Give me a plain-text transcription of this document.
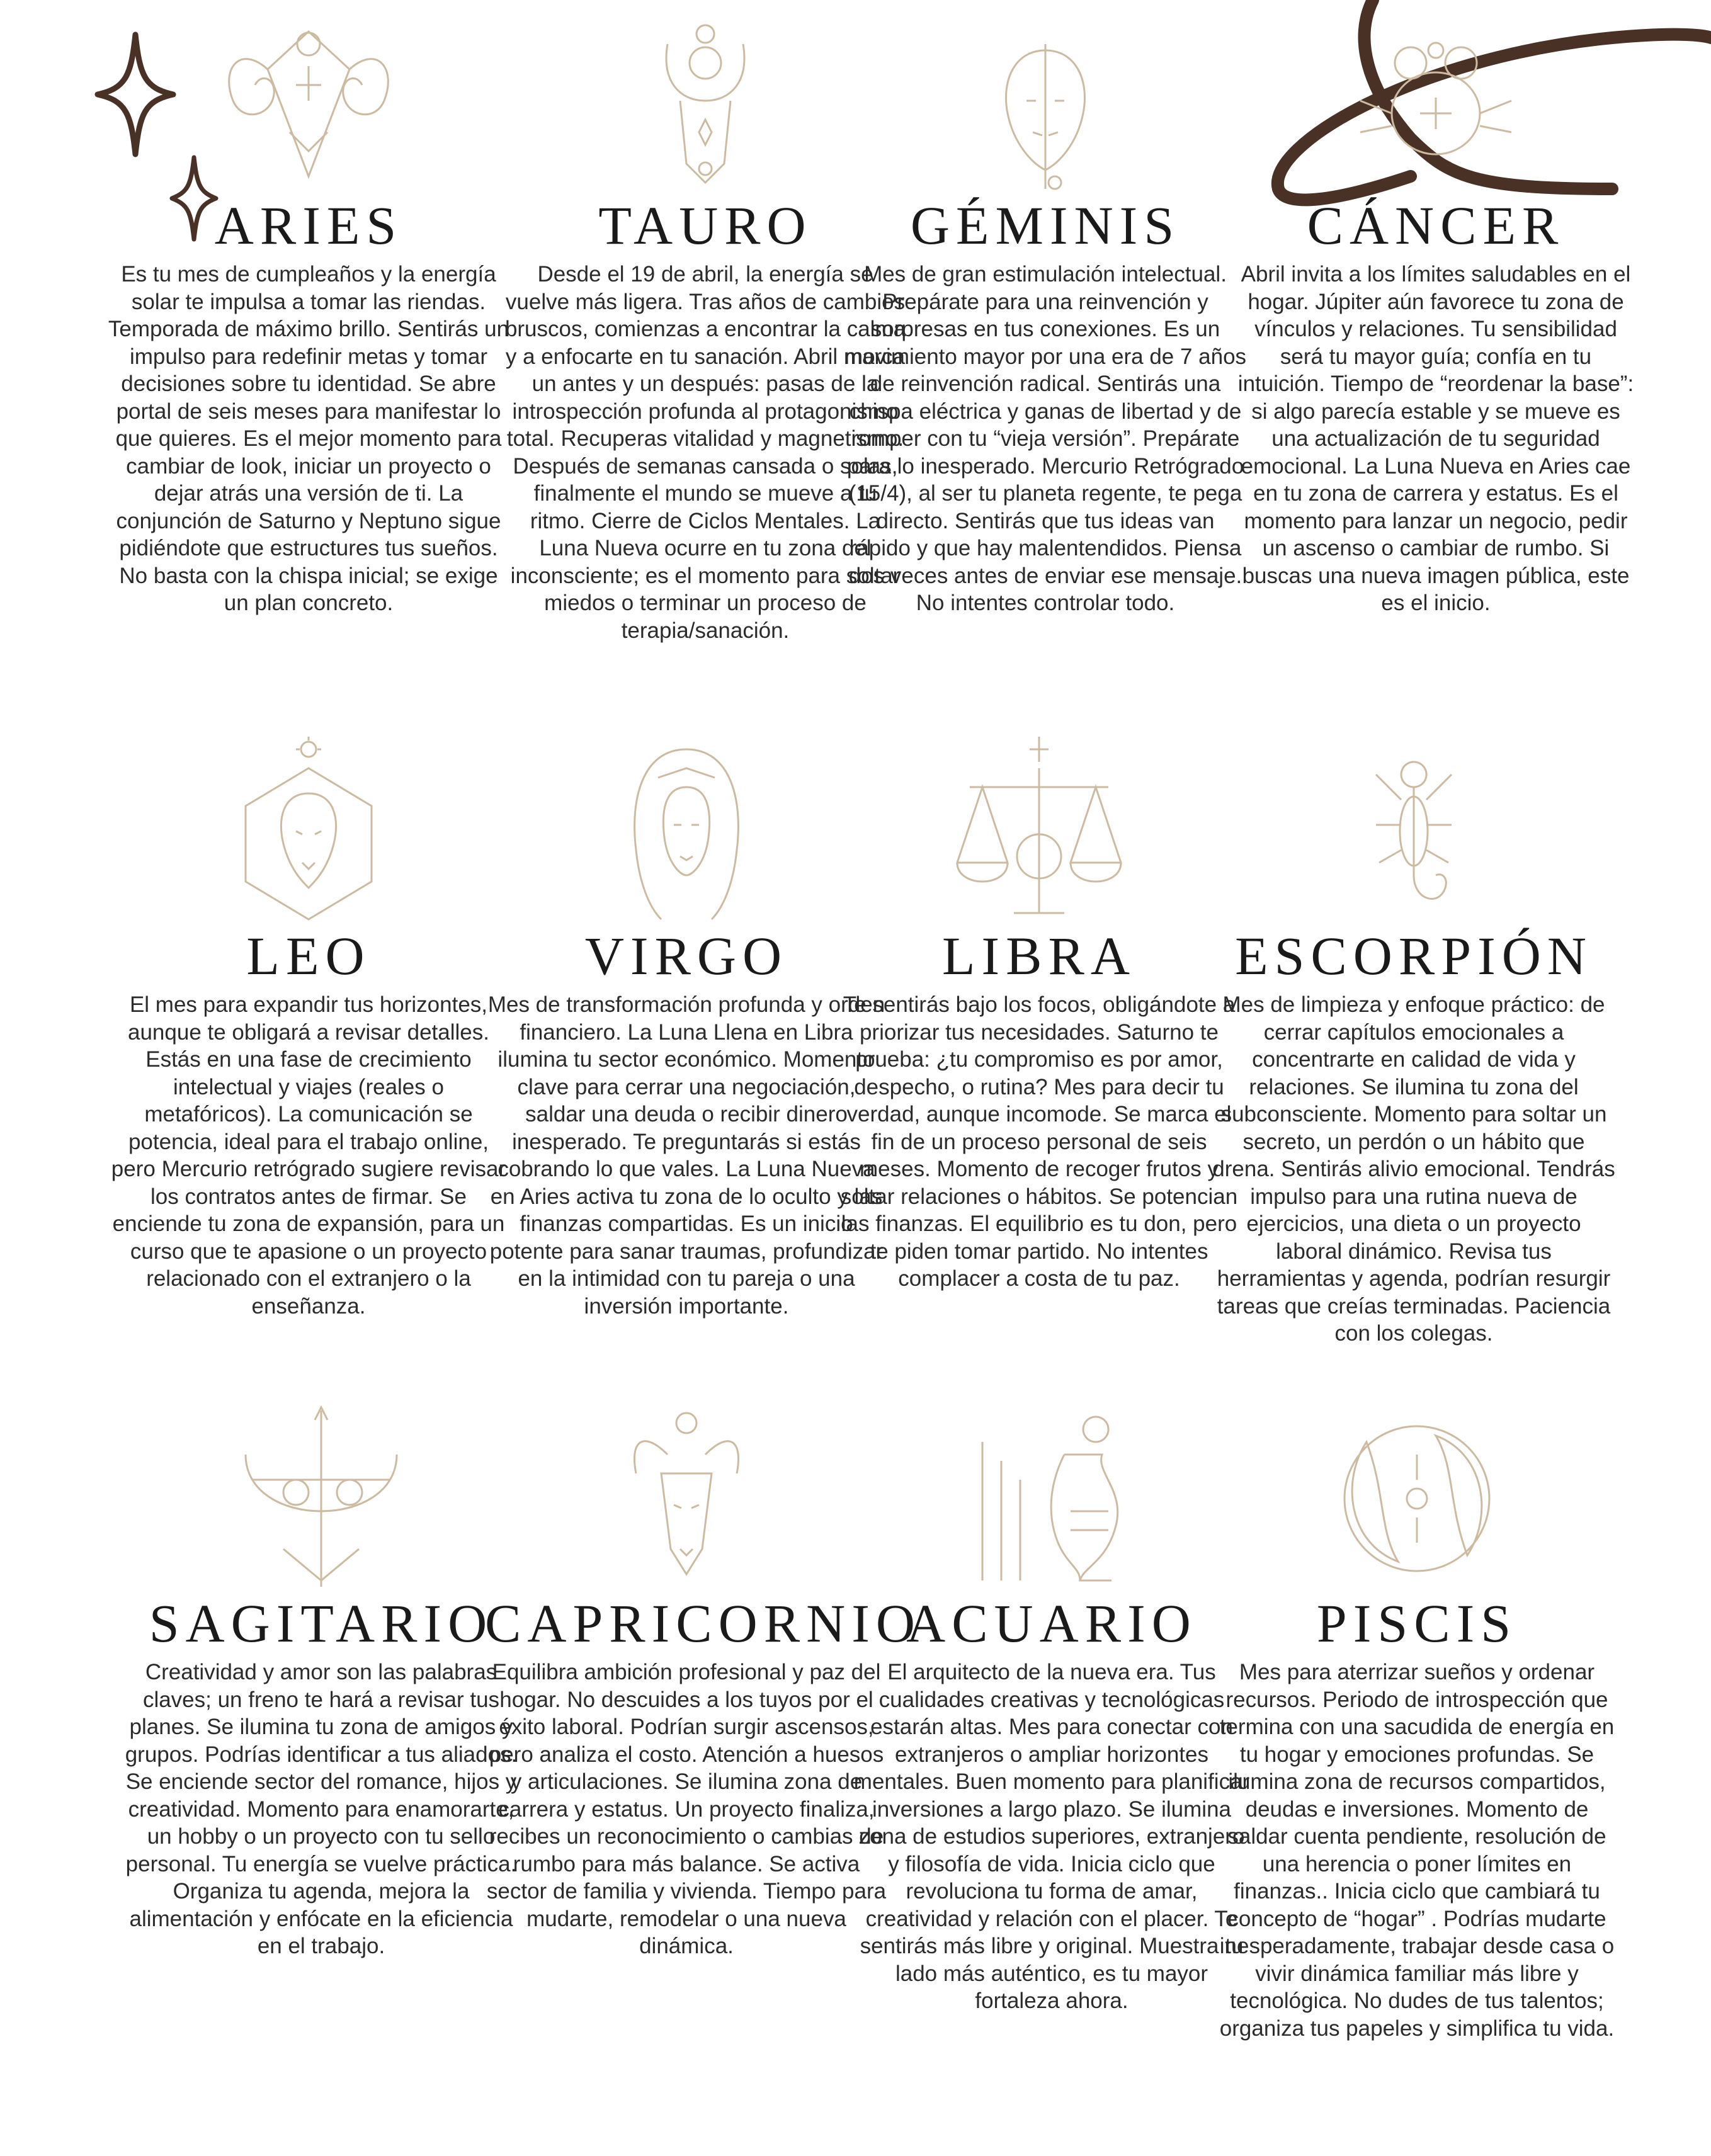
ARIES

Es tu mes de cumpleaños y la energía solar te impulsa a tomar las riendas. Temporada de máximo brillo. Sentirás un impulso para redefinir metas y tomar decisiones sobre tu identidad. Se abre portal de seis meses para manifestar lo que quieres. Es el mejor momento para cambiar de look, iniciar un proyecto o dejar atrás una versión de ti. La conjunción de Saturno y Neptuno sigue pidiéndote que estructures tus sueños. No basta con la chispa inicial; se exige un plan concreto.

TAURO

Desde el 19 de abril, la energía se vuelve más ligera. Tras años de cambios bruscos, comienzas a encontrar la calma y a enfocarte en tu sanación. Abril marca un antes y un después: pasas de la introspección profunda al protagonismo total. Recuperas vitalidad y magnetismo. Después de semanas cansada o solas, finalmente el mundo se mueve a tu ritmo. Cierre de Ciclos Mentales. La Luna Nueva ocurre en tu zona del inconsciente; es el momento para soltar miedos o terminar un proceso de terapia/sanación.

GÉMINIS

Mes de gran estimulación intelectual. Prepárate para una reinvención y sorpresas en tus conexiones. Es un movimiento mayor por una era de 7 años de reinvención radical. Sentirás una chispa eléctrica y ganas de libertad y de romper con tu “vieja versión”. Prepárate para lo inesperado. Mercurio Retrógrado (15/4), al ser tu planeta regente, te pega directo. Sentirás que tus ideas van rápido y que hay malentendidos. Piensa dos veces antes de enviar ese mensaje. No intentes controlar todo.

CÁNCER

Abril invita a los límites saludables en el hogar. Júpiter aún favorece tu zona de vínculos y relaciones. Tu sensibilidad será tu mayor guía; confía en tu intuición. Tiempo de “reordenar la base”: si algo parecía estable y se mueve es una actualización de tu seguridad emocional. La Luna Nueva en Aries cae en tu zona de carrera y estatus. Es el momento para lanzar un negocio, pedir un ascenso o cambiar de rumbo. Si buscas una nueva imagen pública, este es el inicio.

LEO

El mes para expandir tus horizontes, aunque te obligará a revisar detalles. Estás en una fase de crecimiento intelectual y viajes (reales o metafóricos). La comunicación se potencia, ideal para el trabajo online, pero Mercurio retrógrado sugiere revisar los contratos antes de firmar. Se enciende tu zona de expansión, para un curso que te apasione o un proyecto relacionado con el extranjero o la enseñanza.

VIRGO

Mes de transformación profunda y orden financiero. La Luna Llena en Libra ilumina tu sector económico. Momento clave para cerrar una negociación, saldar una deuda o recibir dinero inesperado. Te preguntarás si estás cobrando lo que vales. La Luna Nueva en Aries activa tu zona de lo oculto y las finanzas compartidas. Es un inicio potente para sanar traumas, profundizar en la intimidad con tu pareja o una inversión importante.

LIBRA

Te sentirás bajo los focos, obligándote a priorizar tus necesidades. Saturno te prueba: ¿tu compromiso es por amor, despecho, o rutina? Mes para decir tu verdad, aunque incomode. Se marca el fin de un proceso personal de seis meses. Momento de recoger frutos y soltar relaciones o hábitos. Se potencian las finanzas. El equilibrio es tu don, pero te piden tomar partido. No intentes complacer a costa de tu paz.

ESCORPIÓN

Mes de limpieza y enfoque práctico: de cerrar capítulos emocionales a concentrarte en calidad de vida y relaciones. Se ilumina tu zona del subconsciente. Momento para soltar un secreto, un perdón o un hábito que drena. Sentirás alivio emocional. Tendrás impulso para una rutina nueva de ejercicios, una dieta o un proyecto laboral dinámico. Revisa tus herramientas y agenda, podrían resurgir tareas que creías terminadas. Paciencia con los colegas.

SAGITARIO

Creatividad y amor son las palabras claves; un freno te hará a revisar tus planes. Se ilumina tu zona de amigos y grupos. Podrías identificar a tus aliados. Se enciende sector del romance, hijos y creatividad. Momento para enamorarte, un hobby o un proyecto con tu sello personal. Tu energía se vuelve práctica. Organiza tu agenda, mejora la alimentación y enfócate en la eficiencia en el trabajo.

CAPRICORNIO

Equilibra ambición profesional y paz del hogar. No descuides a los tuyos por el éxito laboral. Podrían surgir ascensos, pero analiza el costo. Atención a huesos y articulaciones. Se ilumina zona de carrera y estatus. Un proyecto finaliza, recibes un reconocimiento o cambias de rumbo para más balance. Se activa sector de familia y vivienda. Tiempo para mudarte, remodelar o una nueva dinámica.

ACUARIO

El arquitecto de la nueva era. Tus cualidades creativas y tecnológicas estarán altas. Mes para conectar con extranjeros o ampliar horizontes mentales. Buen momento para planificar inversiones a largo plazo. Se ilumina zona de estudios superiores, extranjero y filosofía de vida. Inicia ciclo que revoluciona tu forma de amar, creatividad y relación con el placer. Te sentirás más libre y original. Muestra tu lado más auténtico, es tu mayor fortaleza ahora.

PISCIS

Mes para aterrizar sueños y ordenar recursos. Periodo de introspección que termina con una sacudida de energía en tu hogar y emociones profundas. Se ilumina zona de recursos compartidos, deudas e inversiones. Momento de saldar cuenta pendiente, resolución de una herencia o poner límites en finanzas.. Inicia ciclo que cambiará tu concepto de “hogar” . Podrías mudarte inesperadamente, trabajar desde casa o vivir dinámica familiar más libre y tecnológica. No dudes de tus talentos; organiza tus papeles y simplifica tu vida.
